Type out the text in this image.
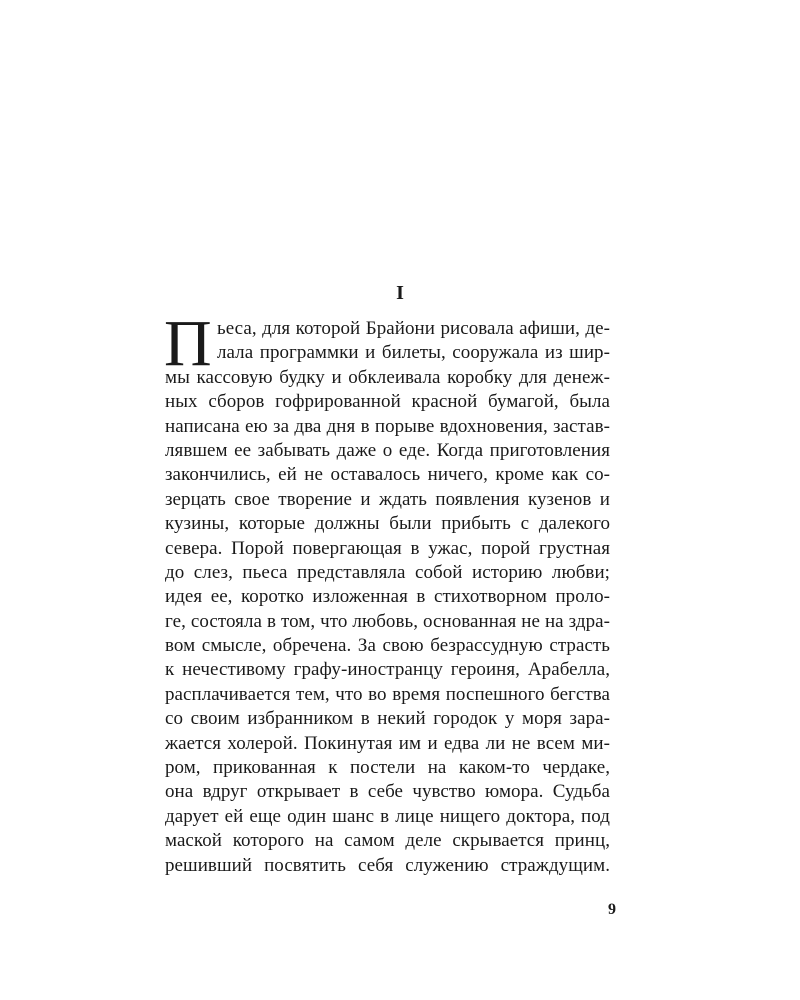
I
П ьеса, для которой Брайони рисовала афиши, де-
лала программки и билеты, сооружала из шир-
мы кассовую будку и обклеивала коробку для денеж-
ных сборов гофрированной красной бумагой, была
написана ею за два дня в порыве вдохновения, застав-
лявшем ее забывать даже о еде. Когда приготовления
закончились, ей не оставалось ничего, кроме как со-
зерцать свое творение и ждать появления кузенов и
кузины, которые должны были прибыть с далекого
севера. Порой повергающая в ужас, порой грустная
до слез, пьеса представляла собой историю любви;
идея ее, коротко изложенная в стихотворном проло-
ге, состояла в том, что любовь, основанная не на здра-
вом смысле, обречена. За свою безрассудную страсть
к нечестивому графу-иностранцу героиня, Арабелла,
расплачивается тем, что во время поспешного бегства
со своим избранником в некий городок у моря зара-
жается холерой. Покинутая им и едва ли не всем ми-
ром, прикованная к постели на каком-то чердаке,
она вдруг открывает в себе чувство юмора. Судьба
дарует ей еще один шанс в лице нищего доктора, под
маской которого на самом деле скрывается принц,
решивший посвятить себя служению страждущим.
9
